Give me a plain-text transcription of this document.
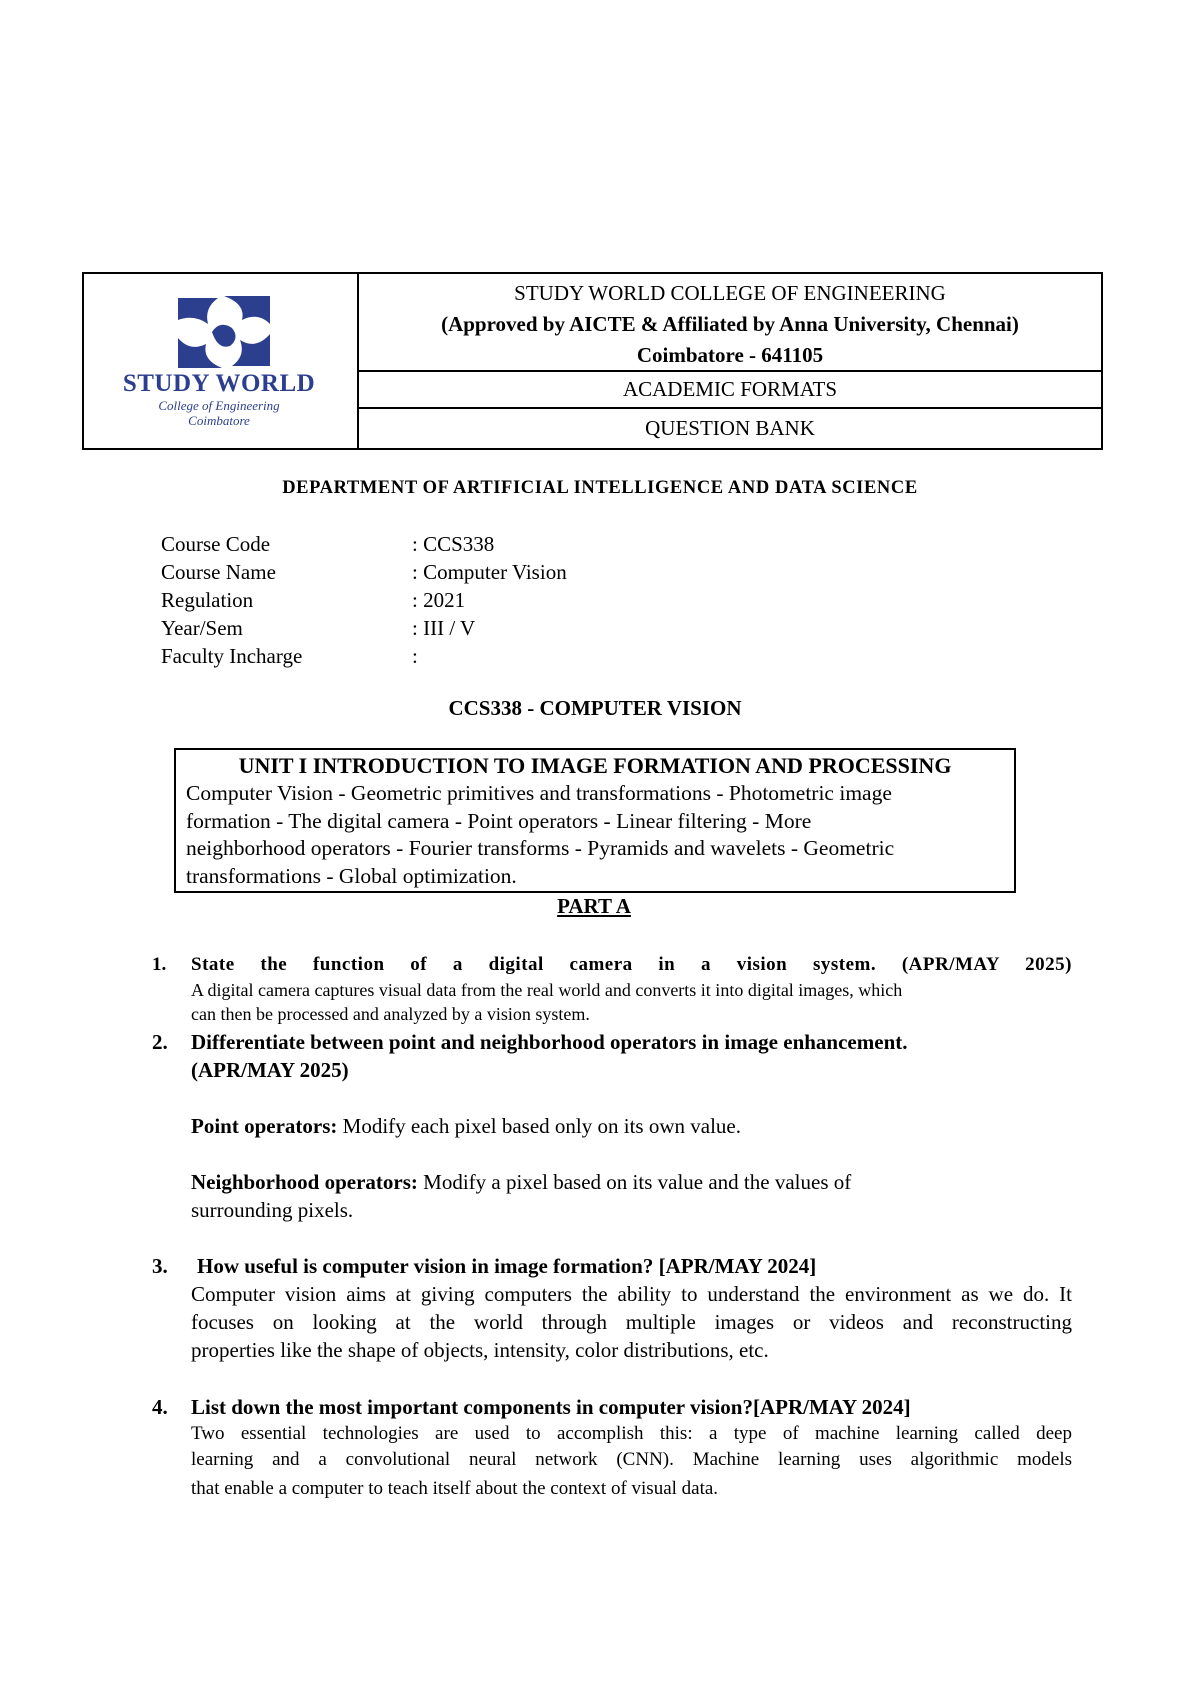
STUDY WORLD
College of Engineering
Coimbatore
STUDY WORLD COLLEGE OF ENGINEERING
(Approved by AICTE & Affiliated by Anna University, Chennai)
Coimbatore - 641105
ACADEMIC FORMATS
QUESTION BANK
DEPARTMENT OF ARTIFICIAL INTELLIGENCE AND DATA SCIENCE
Course Code	: CCS338
Course Name	: Computer Vision
Regulation	: 2021
Year/Sem	: III / V
Faculty Incharge	:
CCS338 - COMPUTER VISION
UNIT I INTRODUCTION TO IMAGE FORMATION AND PROCESSING
Computer Vision - Geometric primitives and transformations - Photometric image
formation - The digital camera - Point operators - Linear filtering - More
neighborhood operators - Fourier transforms - Pyramids and wavelets - Geometric
transformations - Global optimization.
PART A
1. State the function of a digital camera in a vision system. (APR/MAY 2025)
A digital camera captures visual data from the real world and converts it into digital images, which
can then be processed and analyzed by a vision system.
2. Differentiate between point and neighborhood operators in image enhancement.
(APR/MAY 2025)
Point operators: Modify each pixel based only on its own value.
Neighborhood operators: Modify a pixel based on its value and the values of
surrounding pixels.
3. How useful is computer vision in image formation? [APR/MAY 2024]
Computer vision aims at giving computers the ability to understand the environment as we do. It
focuses on looking at the world through multiple images or videos and reconstructing
properties like the shape of objects, intensity, color distributions, etc.
4. List down the most important components in computer vision?[APR/MAY 2024]
Two essential technologies are used to accomplish this: a type of machine learning called deep
learning and a convolutional neural network (CNN). Machine learning uses algorithmic models
that enable a computer to teach itself about the context of visual data.
